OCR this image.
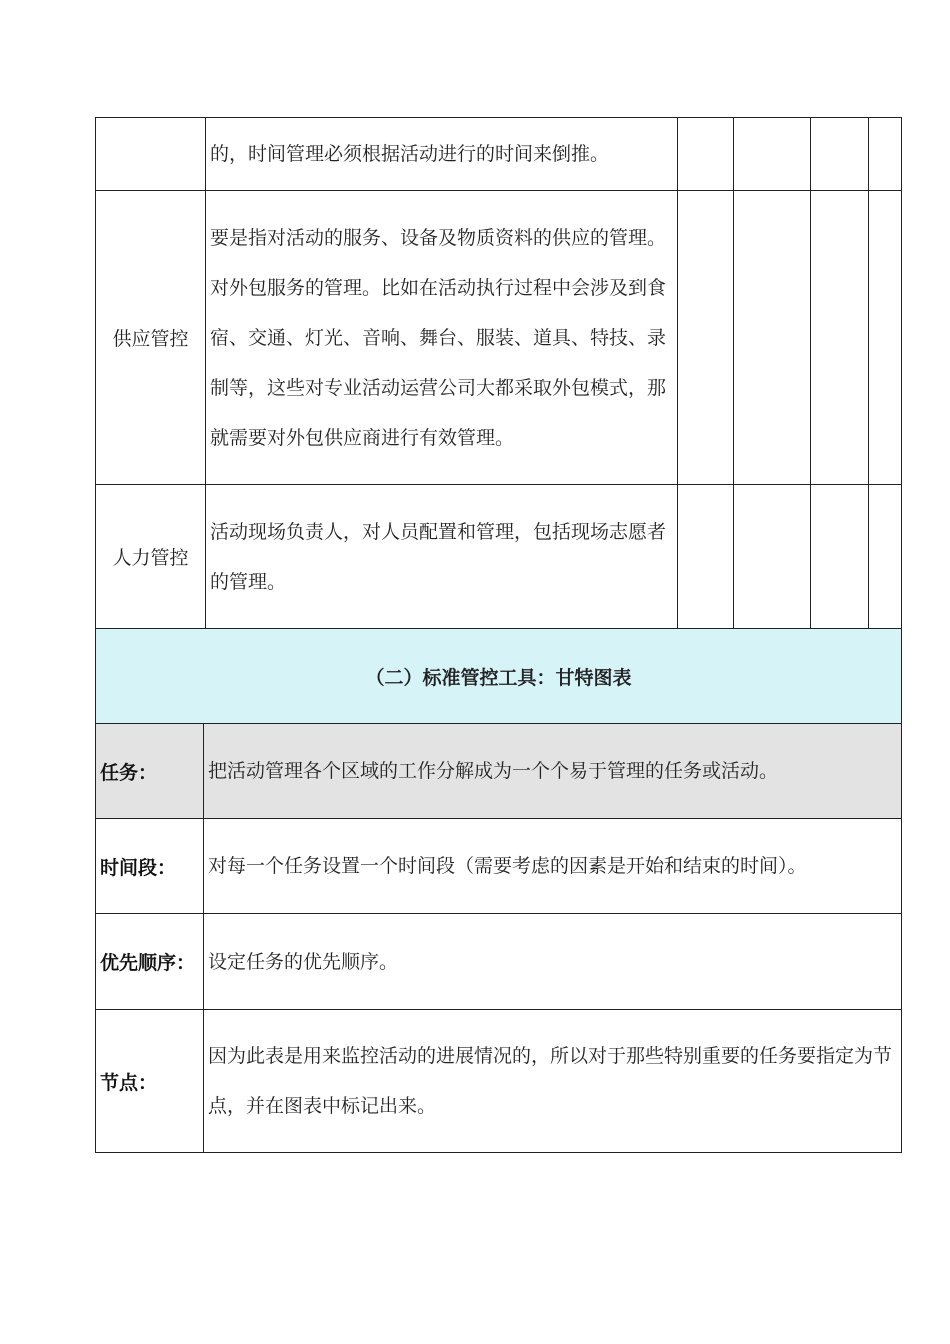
		的，时间管理必须根据活动进行的时间来倒推。				
供应管控		要是指对活动的服务、设备及物质资料的供应的管理。对外包服务的管理。比如在活动执行过程中会涉及到食宿、交通、灯光、音响、舞台、服装、道具、特技、录制等，这些对专业活动运营公司大都采取外包模式，那就需要对外包供应商进行有效管理。				
人力管控		活动现场负责人，对人员配置和管理，包括现场志愿者的管理。				
（二）标准管控工具：甘特图表						
任务：	把活动管理各个区域的工作分解成为一个个易于管理的任务或活动。					
时间段：	对每一个任务设置一个时间段（需要考虑的因素是开始和结束的时间）。					
优先顺序：	设定任务的优先顺序。					
节点：	因为此表是用来监控活动的进展情况的，所以对于那些特别重要的任务要指定为节点，并在图表中标记出来。					
